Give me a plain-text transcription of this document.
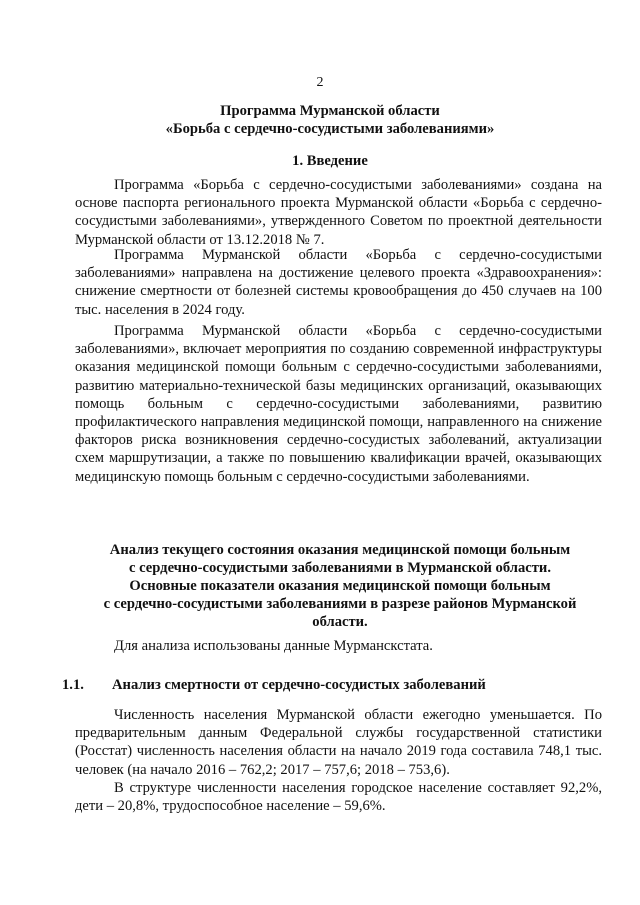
2
Программа Мурманской области
«Борьба с сердечно-сосудистыми заболеваниями»
1. Введение

Программа «Борьба с сердечно-сосудистыми заболеваниями» создана на основе паспорта регионального проекта Мурманской области «Борьба с сердечно-сосудистыми заболеваниями», утвержденного Советом по проектной деятельности Мурманской области от 13.12.2018 № 7.

Программа Мурманской области «Борьба с сердечно-сосудистыми заболеваниями» направлена на достижение целевого проекта «Здравоохранения»: снижение смертности от болезней системы кровообращения до 450 случаев на 100 тыс. населения в 2024 году.

Программа Мурманской области «Борьба с сердечно-сосудистыми заболеваниями», включает мероприятия по созданию современной инфраструктуры оказания медицинской помощи больным с сердечно-сосудистыми заболеваниями, развитию материально-технической базы медицинских организаций, оказывающих помощь больным с сердечно-сосудистыми заболеваниями, развитию профилактического направления медицинской помощи, направленного на снижение факторов риска возникновения сердечно-сосудистых заболеваний, актуализации схем маршрутизации, а также по повышению квалификации врачей, оказывающих медицинскую помощь больным с сердечно-сосудистыми заболеваниями.

Анализ текущего состояния оказания медицинской помощи больным
с сердечно-сосудистыми заболеваниями в Мурманской области.
Основные показатели оказания медицинской помощи больным
с сердечно-сосудистыми заболеваниями в разрезе районов Мурманской
области.
Для анализа использованы данные Мурманскстата.
1.1. Анализ смертности от сердечно-сосудистых заболеваний

Численность населения Мурманской области ежегодно уменьшается. По предварительным данным Федеральной службы государственной статистики (Росстат) численность населения области на начало 2019 года составила 748,1 тыс. человек (на начало 2016 – 762,2; 2017 – 757,6; 2018 – 753,6).

В структуре численности населения городское население составляет 92,2%, дети – 20,8%, трудоспособное население – 59,6%.
